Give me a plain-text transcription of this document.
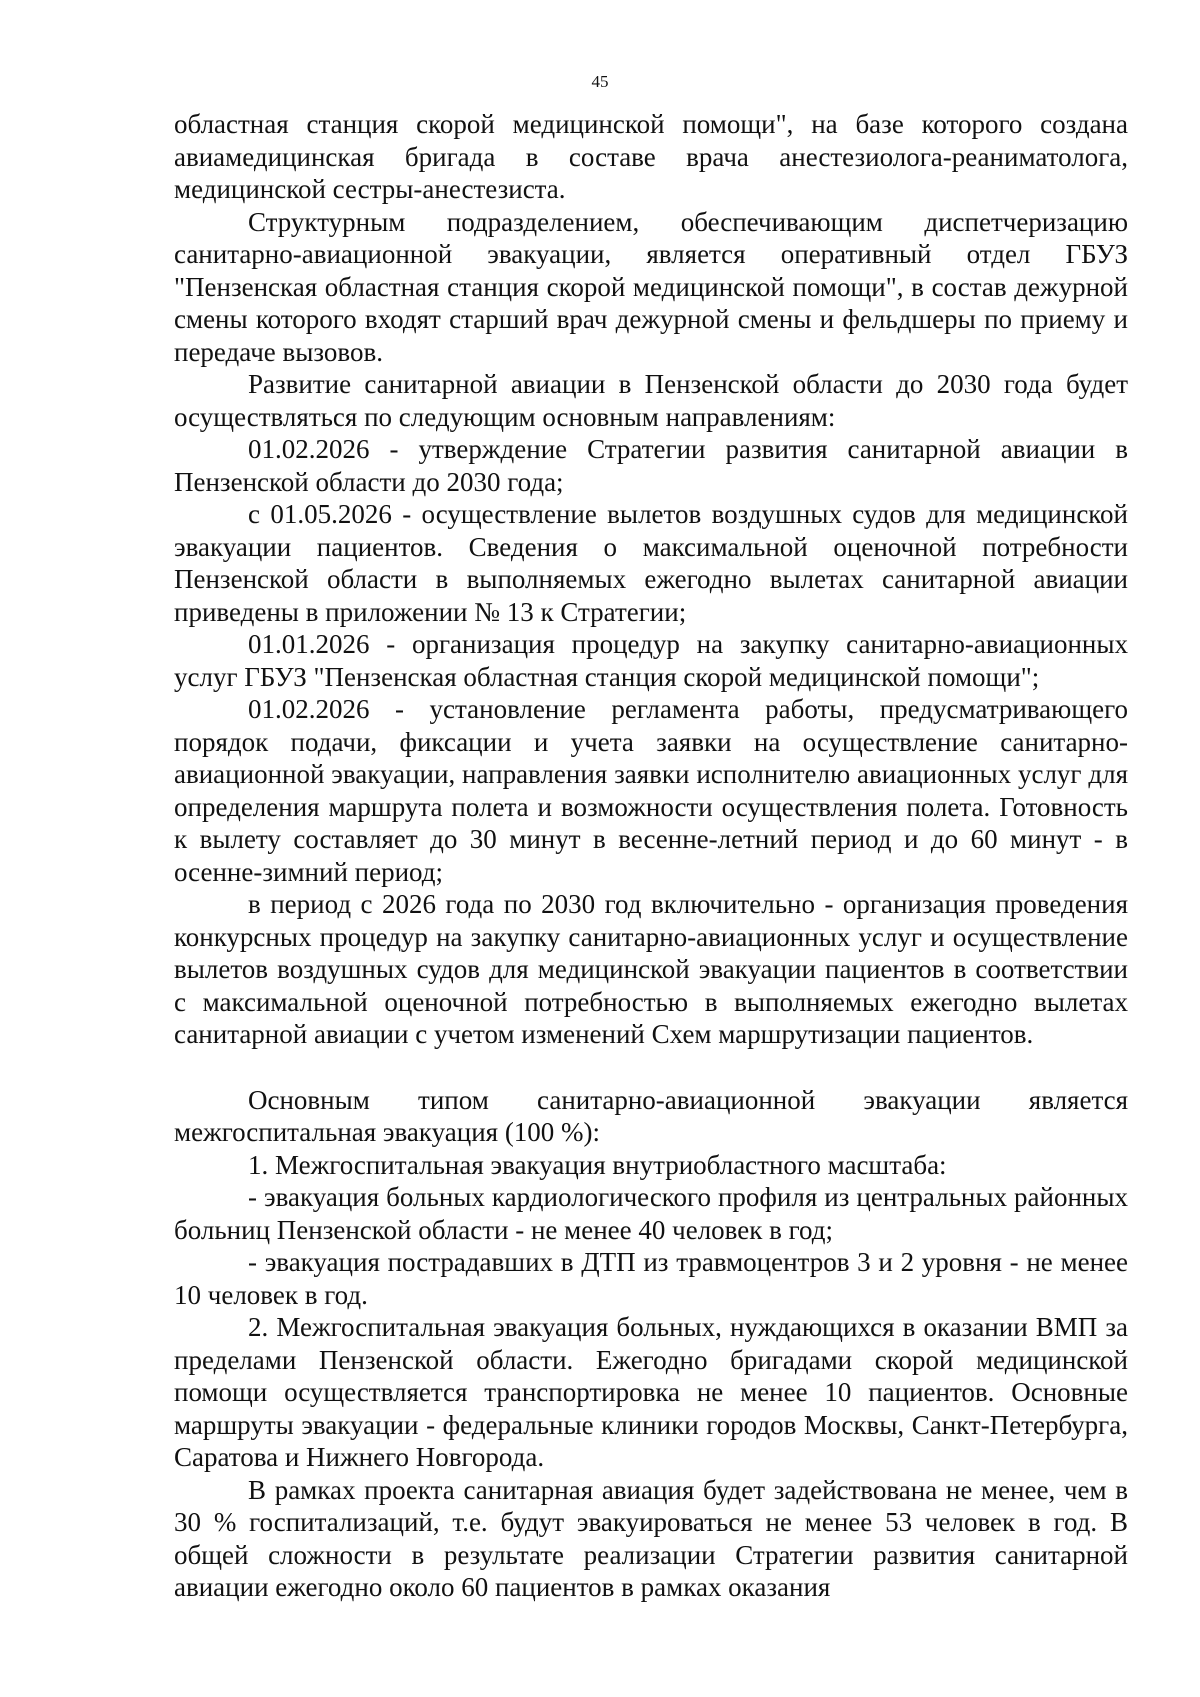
45

областная станция скорой медицинской помощи", на базе которого создана авиамедицинская бригада в составе врача анестезиолога-реаниматолога, медицинской сестры-анестезиста.

Структурным подразделением, обеспечивающим диспетчеризацию санитарно-авиационной эвакуации, является оперативный отдел ГБУЗ "Пензенская областная станция скорой медицинской помощи", в состав дежурной смены которого входят старший врач дежурной смены и фельдшеры по приему и передаче вызовов.

Развитие санитарной авиации в Пензенской области до 2030 года будет осуществляться по следующим основным направлениям:

01.02.2026 - утверждение Стратегии развития санитарной авиации в Пензенской области до 2030 года;

с 01.05.2026 - осуществление вылетов воздушных судов для медицинской эвакуации пациентов. Сведения о максимальной оценочной потребности Пензенской области в выполняемых ежегодно вылетах санитарной авиации приведены в приложении № 13 к Стратегии;

01.01.2026 - организация процедур на закупку санитарно-авиационных услуг ГБУЗ "Пензенская областная станция скорой медицинской помощи";

01.02.2026 - установление регламента работы, предусматривающего порядок подачи, фиксации и учета заявки на осуществление санитарно-авиационной эвакуации, направления заявки исполнителю авиационных услуг для определения маршрута полета и возможности осуществления полета. Готовность к вылету составляет до 30 минут в весенне-летний период и до 60 минут - в осенне-зимний период;

в период с 2026 года по 2030 год включительно - организация проведения конкурсных процедур на закупку санитарно-авиационных услуг и осуществление вылетов воздушных судов для медицинской эвакуации пациентов в соответствии с максимальной оценочной потребностью в выполняемых ежегодно вылетах санитарной авиации с учетом изменений Схем маршрутизации пациентов.

Основным типом санитарно-авиационной эвакуации является межгоспитальная эвакуация (100 %):

1. Межгоспитальная эвакуация внутриобластного масштаба:

- эвакуация больных кардиологического профиля из центральных районных больниц Пензенской области - не менее 40 человек в год;

- эвакуация пострадавших в ДТП из травмоцентров 3 и 2 уровня - не менее 10 человек в год.

2. Межгоспитальная эвакуация больных, нуждающихся в оказании ВМП за пределами Пензенской области. Ежегодно бригадами скорой медицинской помощи осуществляется транспортировка не менее 10 пациентов. Основные маршруты эвакуации - федеральные клиники городов Москвы, Санкт-Петербурга, Саратова и Нижнего Новгорода.

В рамках проекта санитарная авиация будет задействована не менее, чем в 30 % госпитализаций, т.е. будут эвакуироваться не менее 53 человек в год. В общей сложности в результате реализации Стратегии развития санитарной авиации ежегодно около 60 пациентов в рамках оказания
